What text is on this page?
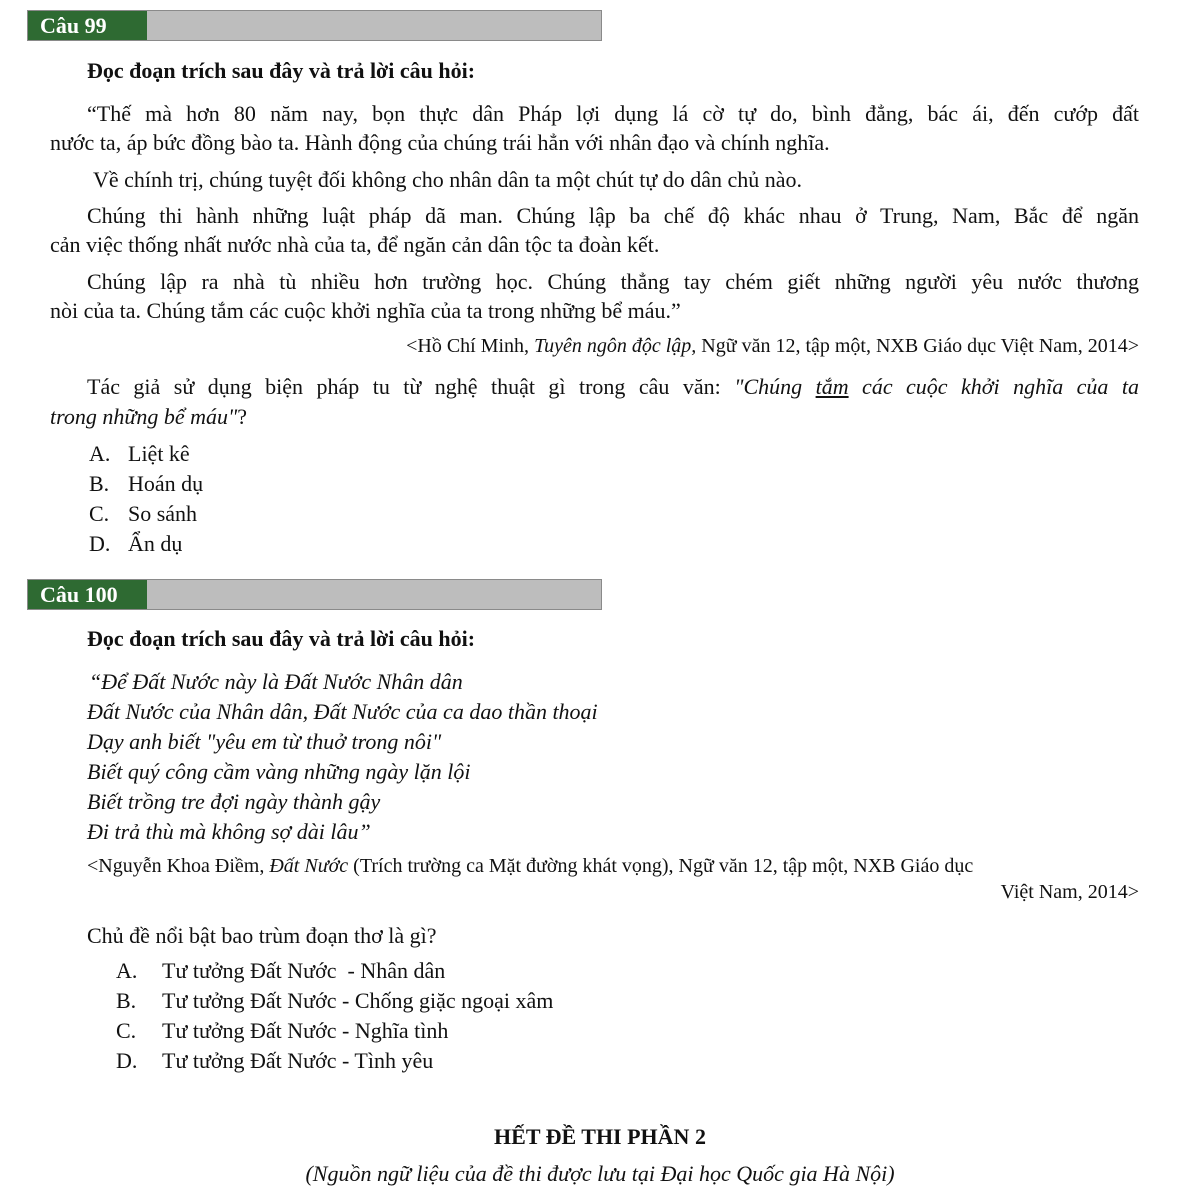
Câu 99
Đọc đoạn trích sau đây và trả lời câu hỏi:
“Thế mà hơn 80 năm nay, bọn thực dân Pháp lợi dụng lá cờ tự do, bình đẳng, bác ái, đến cướp đất
nước ta, áp bức đồng bào ta. Hành động của chúng trái hẳn với nhân đạo và chính nghĩa.
Về chính trị, chúng tuyệt đối không cho nhân dân ta một chút tự do dân chủ nào.
Chúng thi hành những luật pháp dã man. Chúng lập ba chế độ khác nhau ở Trung, Nam, Bắc để ngăn
cản việc thống nhất nước nhà của ta, để ngăn cản dân tộc ta đoàn kết.
Chúng lập ra nhà tù nhiều hơn trường học. Chúng thẳng tay chém giết những người yêu nước thương
nòi của ta. Chúng tắm các cuộc khởi nghĩa của ta trong những bể máu.”
<Hồ Chí Minh, Tuyên ngôn độc lập, Ngữ văn 12, tập một, NXB Giáo dục Việt Nam, 2014>
Tác giả sử dụng biện pháp tu từ nghệ thuật gì trong câu văn: "Chúng tắm các cuộc khởi nghĩa của ta
trong những bể máu"?
A. Liệt kê
B. Hoán dụ
C. So sánh
D. Ẩn dụ
Câu 100
Đọc đoạn trích sau đây và trả lời câu hỏi:
“Để Đất Nước này là Đất Nước Nhân dân
Đất Nước của Nhân dân, Đất Nước của ca dao thần thoại
Dạy anh biết "yêu em từ thuở trong nôi"
Biết quý công cầm vàng những ngày lặn lội
Biết trồng tre đợi ngày thành gậy
Đi trả thù mà không sợ dài lâu”
<Nguyễn Khoa Điềm, Đất Nước (Trích trường ca Mặt đường khát vọng), Ngữ văn 12, tập một, NXB Giáo dục
Việt Nam, 2014>
Chủ đề nổi bật bao trùm đoạn thơ là gì?
A. Tư tưởng Đất Nước  - Nhân dân
B. Tư tưởng Đất Nước - Chống giặc ngoại xâm
C. Tư tưởng Đất Nước - Nghĩa tình
D. Tư tưởng Đất Nước - Tình yêu
HẾT ĐỀ THI PHẦN 2
(Nguồn ngữ liệu của đề thi được lưu tại Đại học Quốc gia Hà Nội)
